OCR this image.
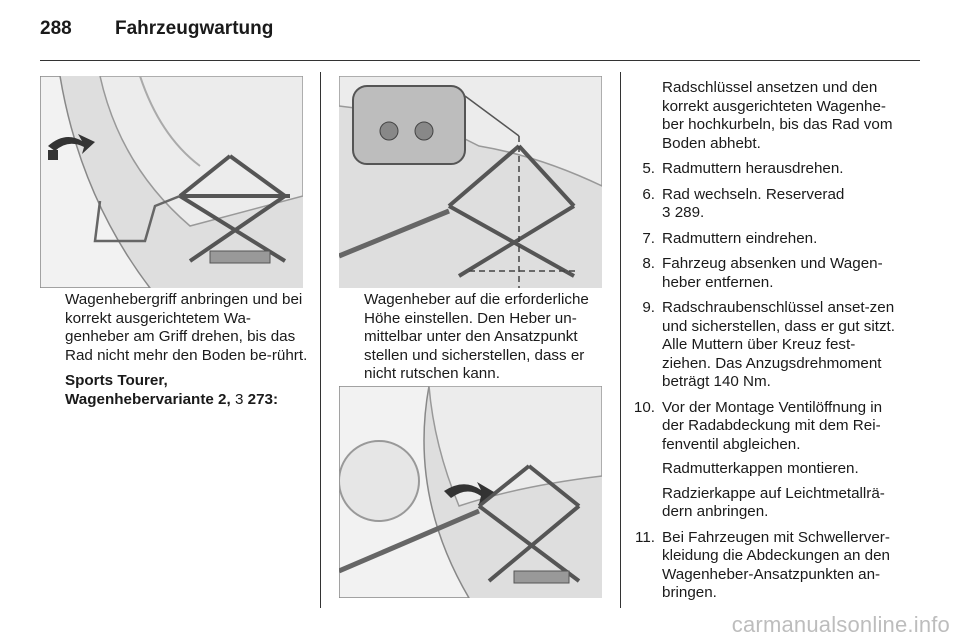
288 Fahrzeugwartung

Wagenhebergriff anbringen und bei korrekt ausgerichtetem Wa-genheber am Griff drehen, bis das Rad nicht mehr den Boden be-rührt.

Sports Tourer,
Wagenhebervariante 2, 3 273:

Wagenheber auf die erforderliche Höhe einstellen. Den Heber un-mittelbar unter den Ansatzpunkt stellen und sicherstellen, dass er nicht rutschen kann.

Radschlüssel ansetzen und den korrekt ausgerichteten Wagenhe-ber hochkurbeln, bis das Rad vom Boden abhebt.
5. Radmuttern herausdrehen.
6. Rad wechseln. Reserverad
3 289.
7. Radmuttern eindrehen.
8. Fahrzeug absenken und Wagen-heber entfernen.
9. Radschraubenschlüssel anset-zen und sicherstellen, dass er gut sitzt. Alle Muttern über Kreuz fest-ziehen. Das Anzugsdrehmoment beträgt 140 Nm.
10. Vor der Montage Ventilöffnung in der Radabdeckung mit dem Rei-fenventil abgleichen.

Radmutterkappen montieren.

Radzierkappe auf Leichtmetallrä-dern anbringen.

11. Bei Fahrzeugen mit Schwellerver-kleidung die Abdeckungen an den Wagenheber-Ansatzpunkten an-bringen.
carmanualsonline.info
